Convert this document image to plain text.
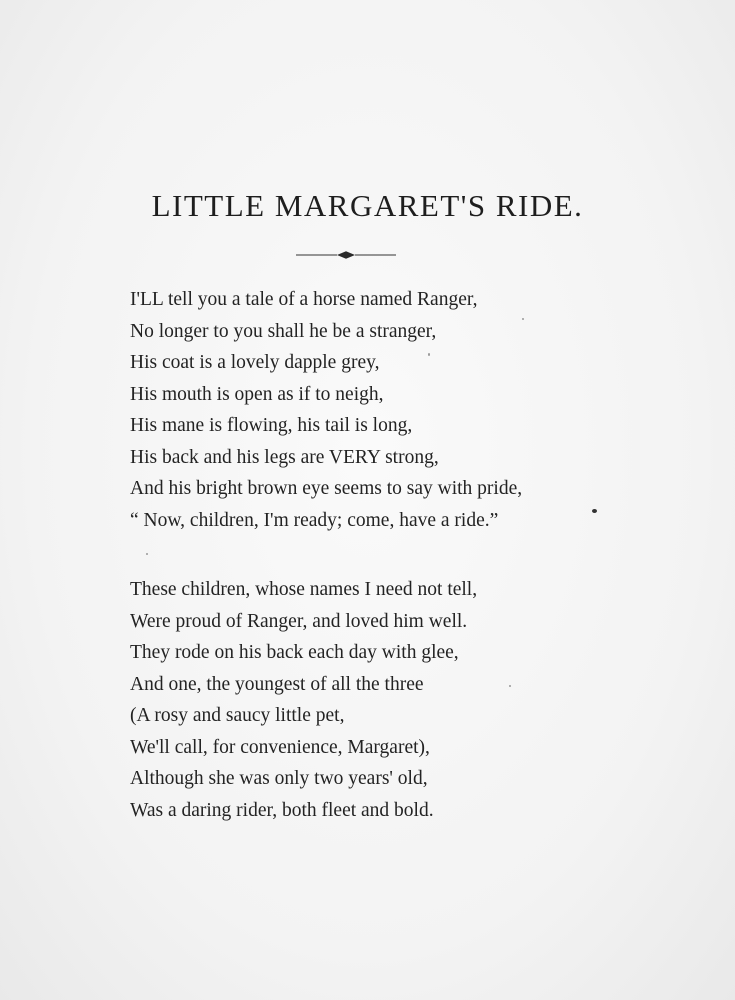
LITTLE MARGARET'S RIDE.
I'LL tell you a tale of a horse named Ranger,
No longer to you shall he be a stranger,
His coat is a lovely dapple grey,
His mouth is open as if to neigh,
His mane is flowing, his tail is long,
His back and his legs are VERY strong,
And his bright brown eye seems to say with pride,
“ Now, children, I'm ready; come, have a ride.”
These children, whose names I need not tell,
Were proud of Ranger, and loved him well.
They rode on his back each day with glee,
And one, the youngest of all the three
(A rosy and saucy little pet,
We'll call, for convenience, Margaret),
Although she was only two years' old,
Was a daring rider, both fleet and bold.
